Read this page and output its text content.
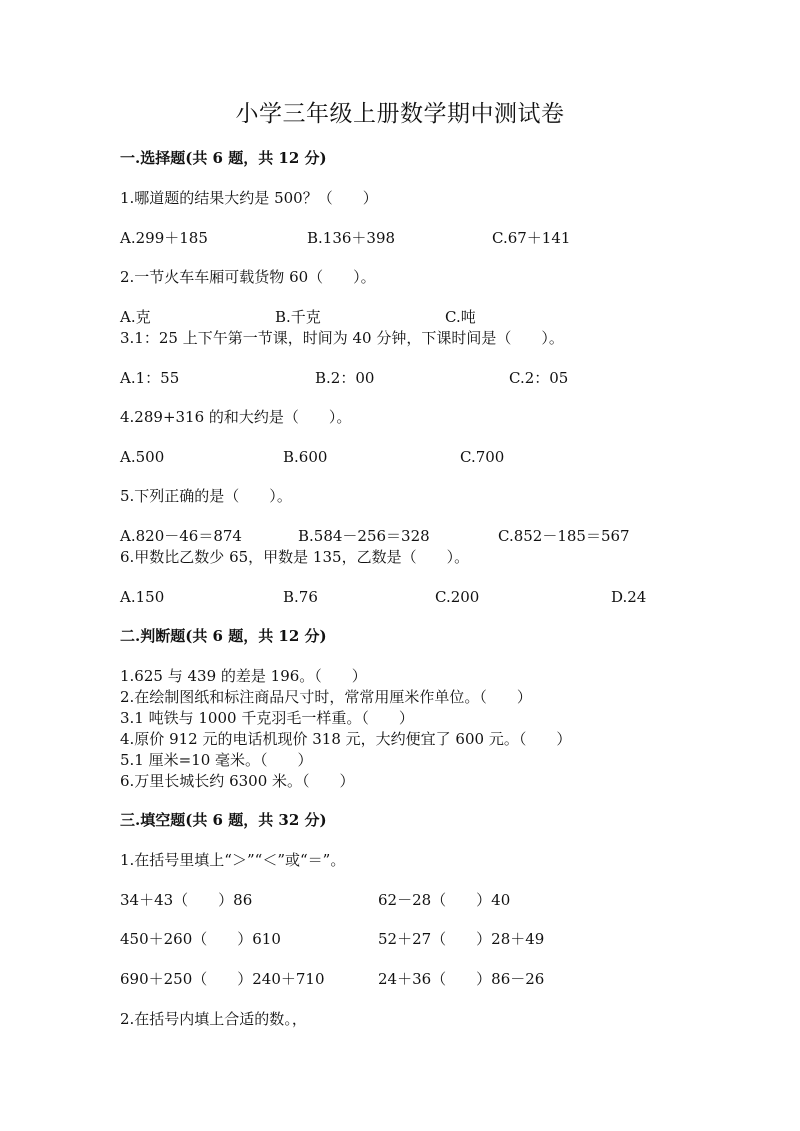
小学三年级上册数学期中测试卷
一.选择题(共 6 题，共 12 分)
1.哪道题的结果大约是 500？（　　）
A.299＋185	B.136＋398	C.67＋141
2.一节火车车厢可载货物 60（　　）。
A.克	B.千克	C.吨
3.1：25 上下午第一节课，时间为 40 分钟，下课时间是（　　）。
A.1：55	B.2：00	C.2：05
4.289+316 的和大约是（　　）。
A.500	B.600	C.700
5.下列正确的是（　　）。
A.820－46＝874	B.584－256＝328	C.852－185＝567
6.甲数比乙数少 65，甲数是 135，乙数是（　　）。
A.150	B.76	C.200	D.24
二.判断题(共 6 题，共 12 分)
1.625 与 439 的差是 196。（　　）
2.在绘制图纸和标注商品尺寸时，常常用厘米作单位。（　　）
3.1 吨铁与 1000 千克羽毛一样重。（　　）
4.原价 912 元的电话机现价 318 元，大约便宜了 600 元。（　　）
5.1 厘米=10 毫米。（　　）
6.万里长城长约 6300 米。（　　）
三.填空题(共 6 题，共 32 分)
1.在括号里填上“＞”“＜”或“＝”。
34＋43（　　）86	62－28（　　）40
450＋260（　　）610	52＋27（　　）28＋49
690＋250（　　）240＋710	24＋36（　　）86－26
2.在括号内填上合适的数。，
